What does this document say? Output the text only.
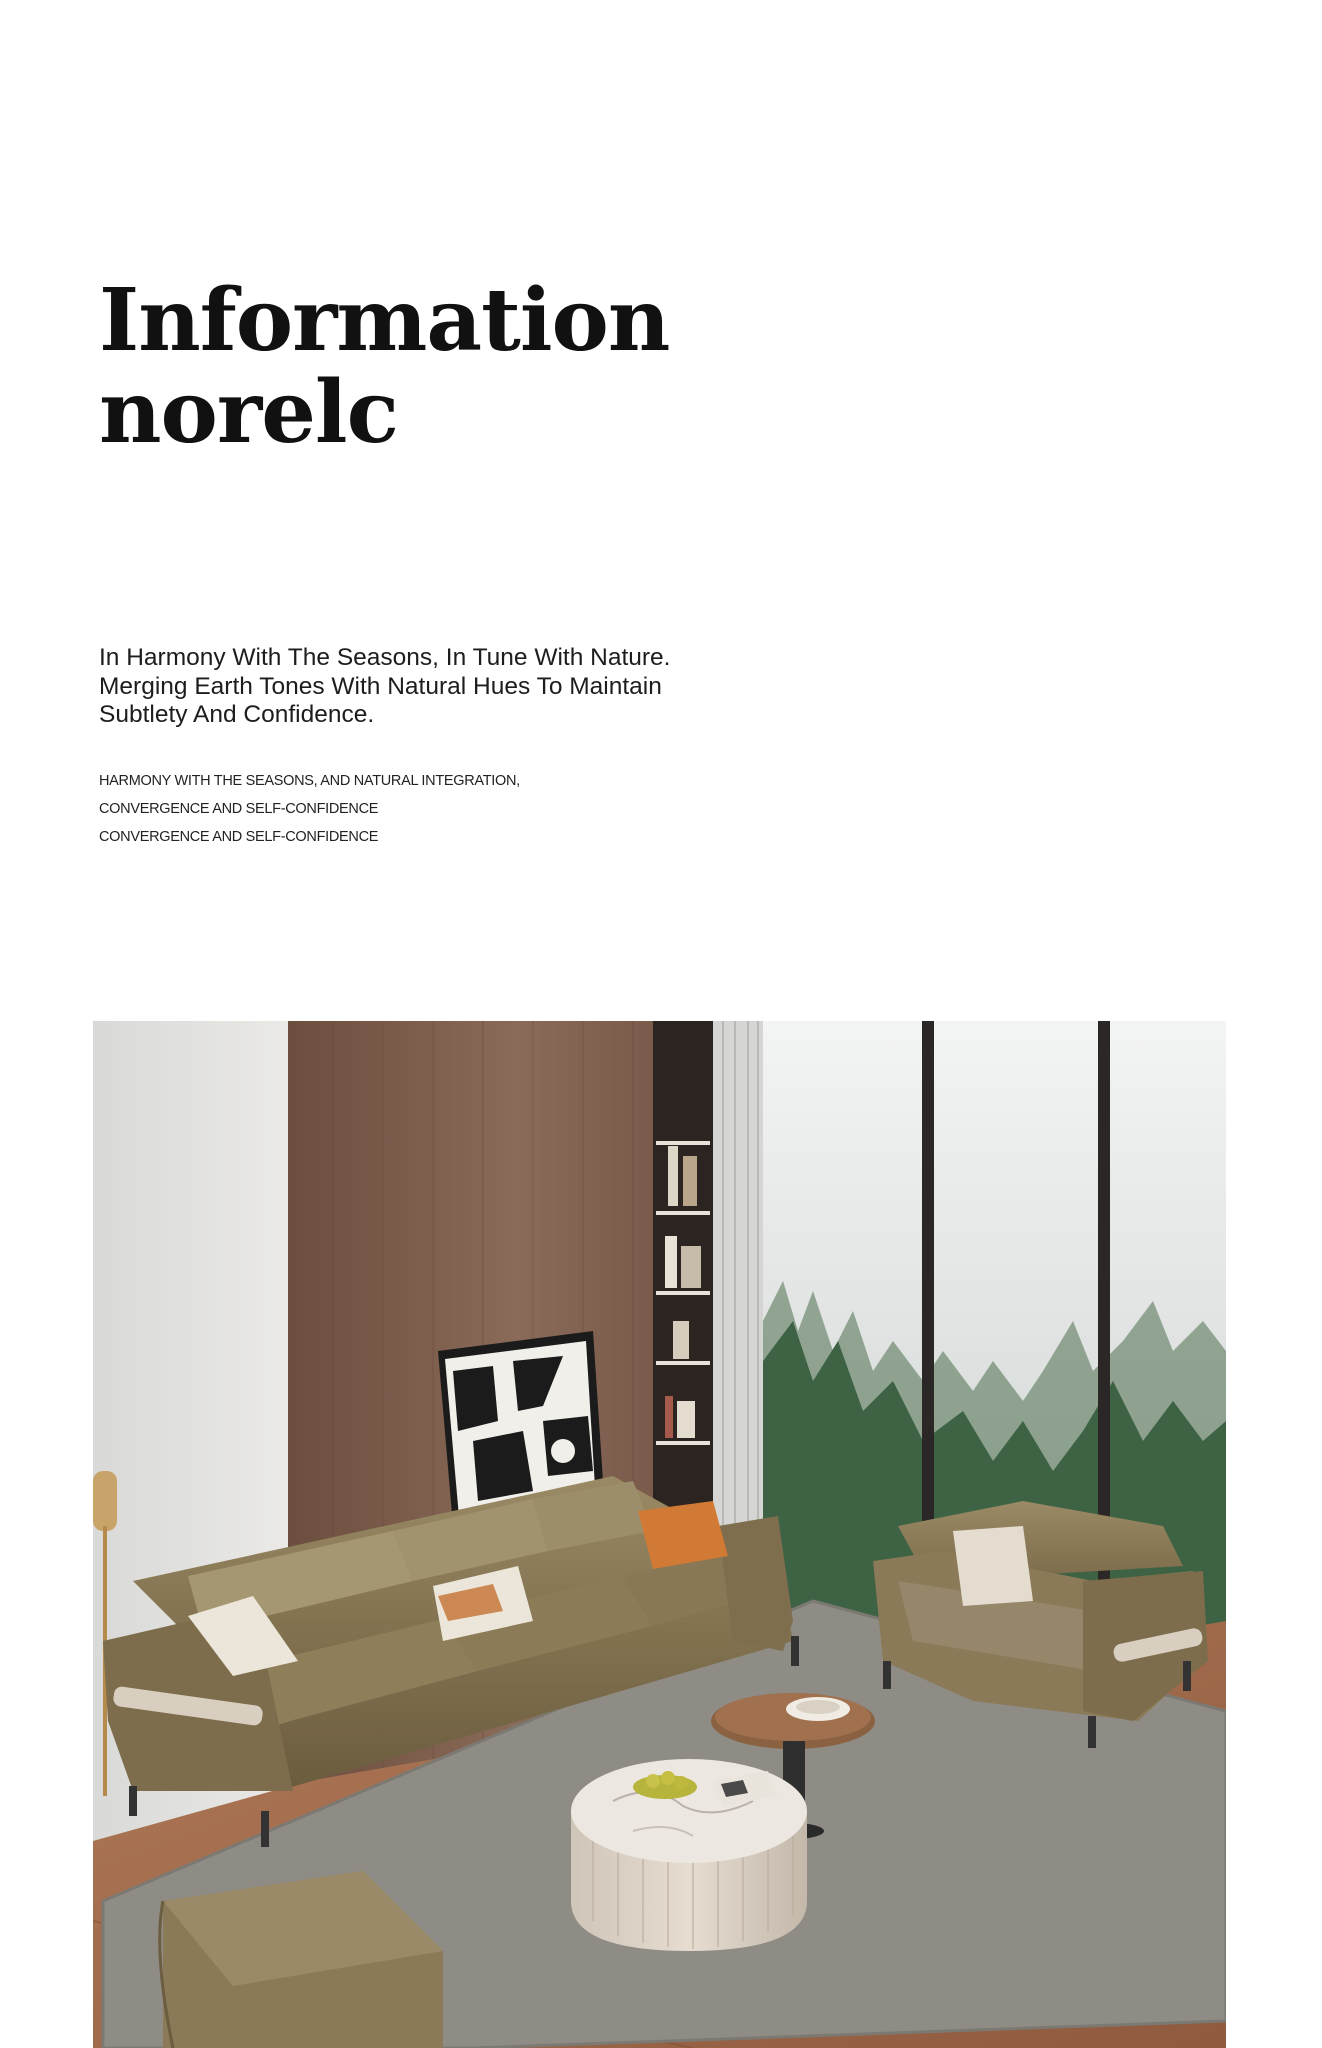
Information
norelc

In Harmony With The Seasons, In Tune With Nature.
Merging Earth Tones With Natural Hues To Maintain
Subtlety And Confidence.

HARMONY WITH THE SEASONS, AND NATURAL INTEGRATION,
CONVERGENCE AND SELF-CONFIDENCE
CONVERGENCE AND SELF-CONFIDENCE
